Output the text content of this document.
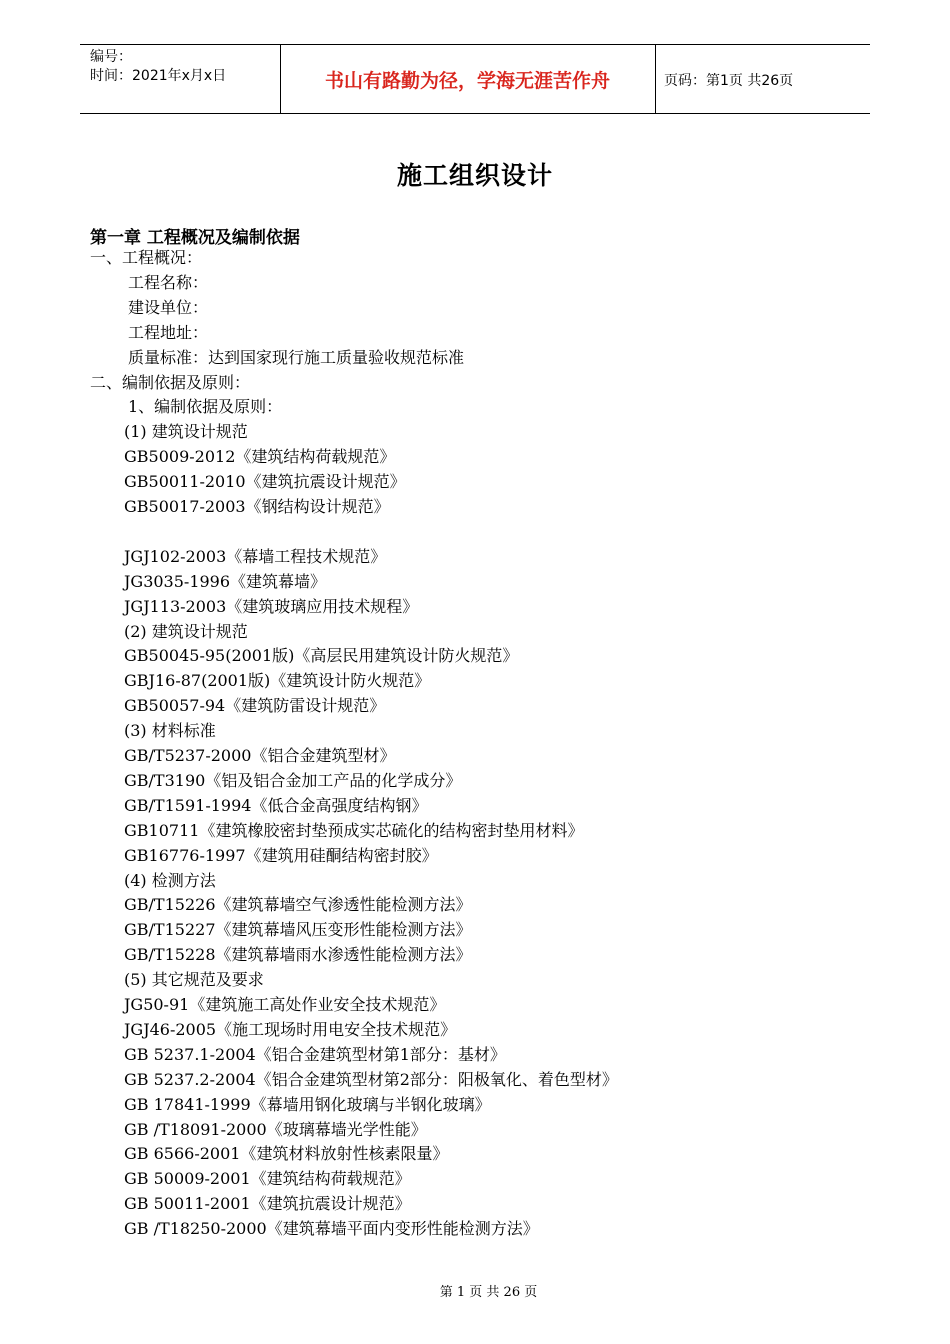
编号：
时间：2021年x月x日	书山有路勤为径，学海无涯苦作舟	页码：第1页 共26页
施工组织设计
第一章 工程概况及编制依据
一、工程概况：
工程名称：
建设单位：
工程地址：
质量标准：达到国家现行施工质量验收规范标准
二、编制依据及原则：
1、编制依据及原则：
(1) 建筑设计规范
GB5009-2012《建筑结构荷载规范》
GB50011-2010《建筑抗震设计规范》
GB50017-2003《钢结构设计规范》
JGJ102-2003《幕墙工程技术规范》
JG3035-1996《建筑幕墙》
JGJ113-2003《建筑玻璃应用技术规程》
(2) 建筑设计规范
GB50045-95(2001版)《高层民用建筑设计防火规范》
GBJ16-87(2001版)《建筑设计防火规范》
GB50057-94《建筑防雷设计规范》
(3) 材料标准
GB/T5237-2000《铝合金建筑型材》
GB/T3190《铝及铝合金加工产品的化学成分》
GB/T1591-1994《低合金高强度结构钢》
GB10711《建筑橡胶密封垫预成实芯硫化的结构密封垫用材料》
GB16776-1997《建筑用硅酮结构密封胶》
(4) 检测方法
GB/T15226《建筑幕墙空气渗透性能检测方法》
GB/T15227《建筑幕墙风压变形性能检测方法》
GB/T15228《建筑幕墙雨水渗透性能检测方法》
(5) 其它规范及要求
JG50-91《建筑施工高处作业安全技术规范》
JGJ46-2005《施工现场时用电安全技术规范》
GB 5237.1-2004《铝合金建筑型材第1部分：基材》
GB 5237.2-2004《铝合金建筑型材第2部分：阳极氧化、着色型材》
GB 17841-1999《幕墙用钢化玻璃与半钢化玻璃》
GB /T18091-2000《玻璃幕墙光学性能》
GB 6566-2001《建筑材料放射性核素限量》
GB 50009-2001《建筑结构荷载规范》
GB 50011-2001《建筑抗震设计规范》
GB /T18250-2000《建筑幕墙平面内变形性能检测方法》
第 1 页 共 26 页
